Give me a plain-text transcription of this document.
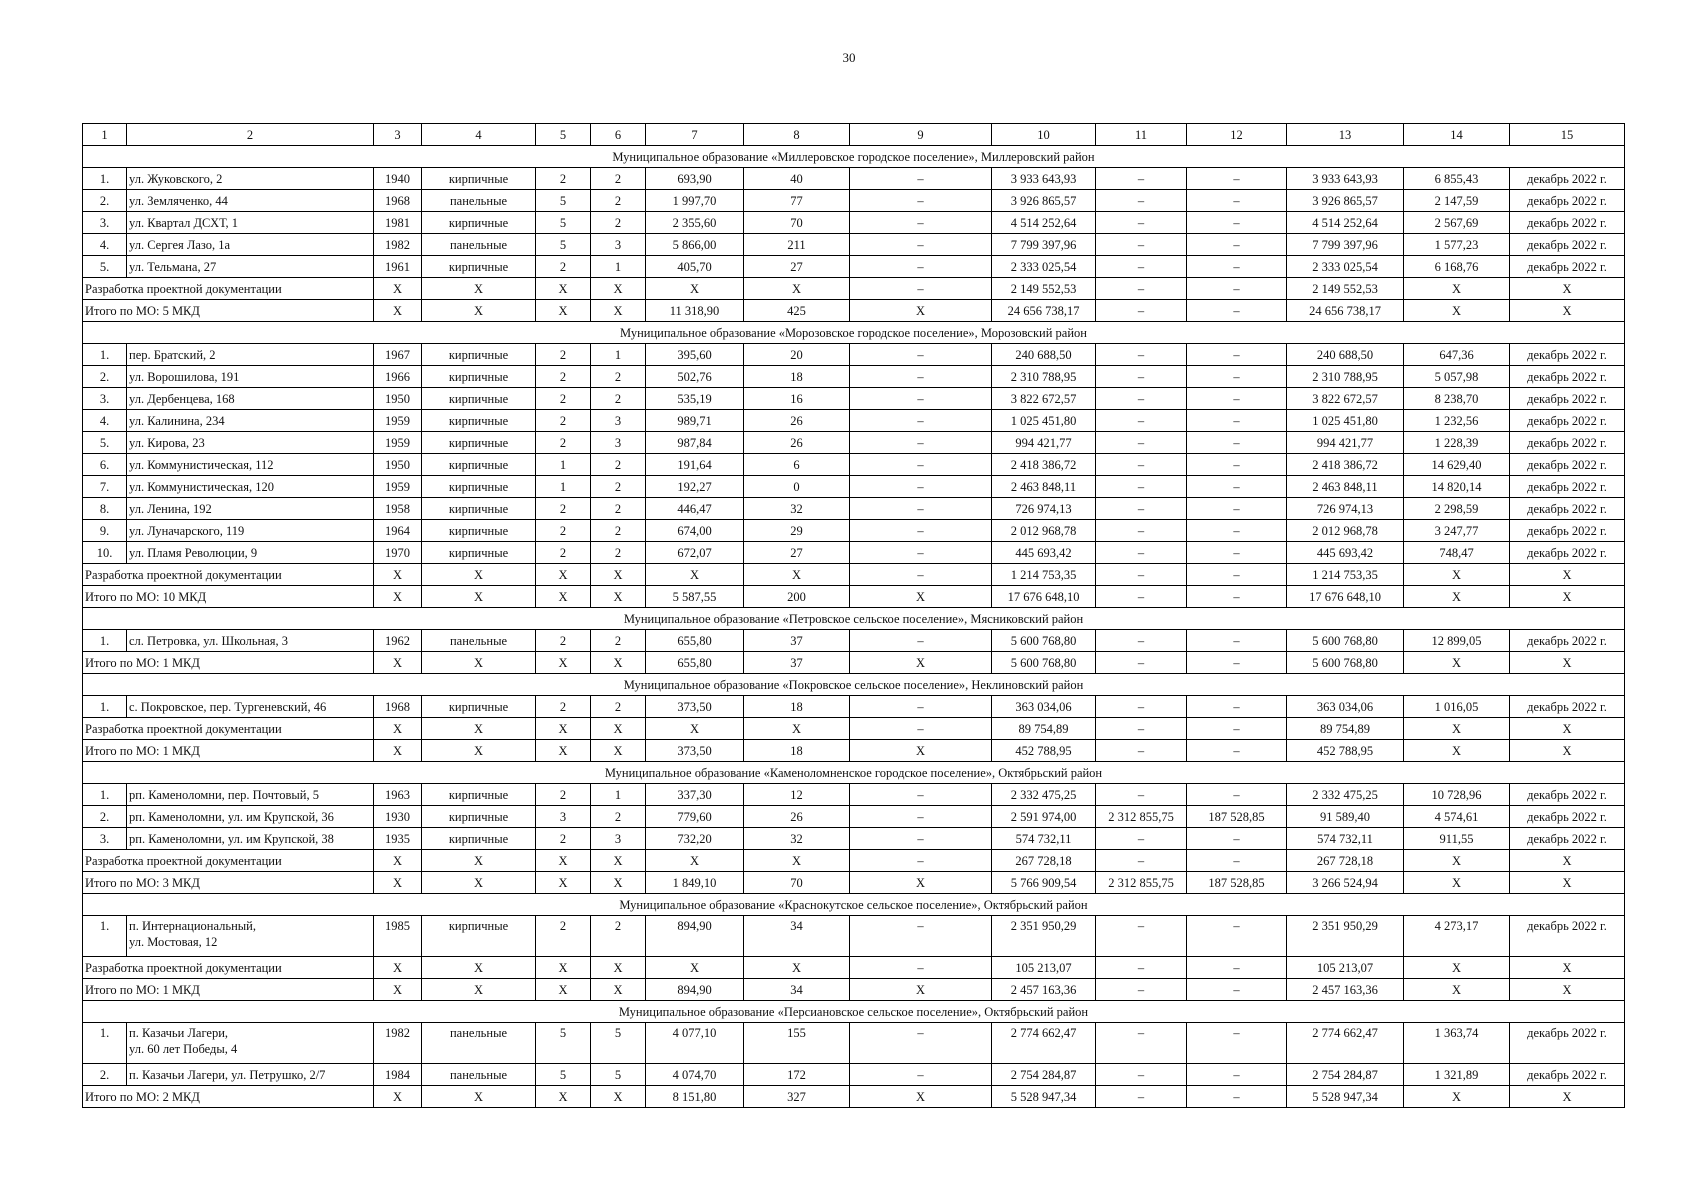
30
1	2	3	4	5	6	7	8	9	10	11	12	13	14	15
Муниципальное образование «Миллеровское городское поселение», Миллеровский район														
1.	ул. Жуковского, 2	1940	кирпичные	2	2	693,90	40	–	3 933 643,93	–	–	3 933 643,93	6 855,43	декабрь 2022 г.
2.	ул. Земляченко, 44	1968	панельные	5	2	1 997,70	77	–	3 926 865,57	–	–	3 926 865,57	2 147,59	декабрь 2022 г.
3.	ул. Квартал ДСХТ, 1	1981	кирпичные	5	2	2 355,60	70	–	4 514 252,64	–	–	4 514 252,64	2 567,69	декабрь 2022 г.
4.	ул. Сергея Лазо, 1а	1982	панельные	5	3	5 866,00	211	–	7 799 397,96	–	–	7 799 397,96	1 577,23	декабрь 2022 г.
5.	ул. Тельмана, 27	1961	кирпичные	2	1	405,70	27	–	2 333 025,54	–	–	2 333 025,54	6 168,76	декабрь 2022 г.
Разработка проектной документации		X	X	X	X	X	X	–	2 149 552,53	–	–	2 149 552,53	X	X
Итого по МО: 5 МКД		X	X	X	X	11 318,90	425	X	24 656 738,17	–	–	24 656 738,17	X	X
Муниципальное образование «Морозовское городское поселение», Морозовский район														
1.	пер. Братский, 2	1967	кирпичные	2	1	395,60	20	–	240 688,50	–	–	240 688,50	647,36	декабрь 2022 г.
2.	ул. Ворошилова, 191	1966	кирпичные	2	2	502,76	18	–	2 310 788,95	–	–	2 310 788,95	5 057,98	декабрь 2022 г.
3.	ул. Дербенцева, 168	1950	кирпичные	2	2	535,19	16	–	3 822 672,57	–	–	3 822 672,57	8 238,70	декабрь 2022 г.
4.	ул. Калинина, 234	1959	кирпичные	2	3	989,71	26	–	1 025 451,80	–	–	1 025 451,80	1 232,56	декабрь 2022 г.
5.	ул. Кирова, 23	1959	кирпичные	2	3	987,84	26	–	994 421,77	–	–	994 421,77	1 228,39	декабрь 2022 г.
6.	ул. Коммунистическая, 112	1950	кирпичные	1	2	191,64	6	–	2 418 386,72	–	–	2 418 386,72	14 629,40	декабрь 2022 г.
7.	ул. Коммунистическая, 120	1959	кирпичные	1	2	192,27	0	–	2 463 848,11	–	–	2 463 848,11	14 820,14	декабрь 2022 г.
8.	ул. Ленина, 192	1958	кирпичные	2	2	446,47	32	–	726 974,13	–	–	726 974,13	2 298,59	декабрь 2022 г.
9.	ул. Луначарского, 119	1964	кирпичные	2	2	674,00	29	–	2 012 968,78	–	–	2 012 968,78	3 247,77	декабрь 2022 г.
10.	ул. Пламя Революции, 9	1970	кирпичные	2	2	672,07	27	–	445 693,42	–	–	445 693,42	748,47	декабрь 2022 г.
Разработка проектной документации		X	X	X	X	X	X	–	1 214 753,35	–	–	1 214 753,35	X	X
Итого по МО: 10 МКД		X	X	X	X	5 587,55	200	X	17 676 648,10	–	–	17 676 648,10	X	X
Муниципальное образование «Петровское сельское поселение», Мясниковский район														
1.	сл. Петровка, ул. Школьная, 3	1962	панельные	2	2	655,80	37	–	5 600 768,80	–	–	5 600 768,80	12 899,05	декабрь 2022 г.
Итого по МО: 1 МКД		X	X	X	X	655,80	37	X	5 600 768,80	–	–	5 600 768,80	X	X
Муниципальное образование «Покровское сельское поселение», Неклиновский район														
1.	с. Покровское, пер. Тургеневский, 46	1968	кирпичные	2	2	373,50	18	–	363 034,06	–	–	363 034,06	1 016,05	декабрь 2022 г.
Разработка проектной документации		X	X	X	X	X	X	–	89 754,89	–	–	89 754,89	X	X
Итого по МО: 1 МКД		X	X	X	X	373,50	18	X	452 788,95	–	–	452 788,95	X	X
Муниципальное образование «Каменоломненское городское поселение», Октябрьский район														
1.	рп. Каменоломни, пер. Почтовый, 5	1963	кирпичные	2	1	337,30	12	–	2 332 475,25	–	–	2 332 475,25	10 728,96	декабрь 2022 г.
2.	рп. Каменоломни, ул. им Крупской, 36	1930	кирпичные	3	2	779,60	26	–	2 591 974,00	2 312 855,75	187 528,85	91 589,40	4 574,61	декабрь 2022 г.
3.	рп. Каменоломни, ул. им Крупской, 38	1935	кирпичные	2	3	732,20	32	–	574 732,11	–	–	574 732,11	911,55	декабрь 2022 г.
Разработка проектной документации		X	X	X	X	X	X	–	267 728,18	–	–	267 728,18	X	X
Итого по МО: 3 МКД		X	X	X	X	1 849,10	70	X	5 766 909,54	2 312 855,75	187 528,85	3 266 524,94	X	X
Муниципальное образование «Краснокутское сельское поселение», Октябрьский район														
1.	п. Интернациональный,
ул. Мостовая, 12	1985	кирпичные	2	2	894,90	34	–	2 351 950,29	–	–	2 351 950,29	4 273,17	декабрь 2022 г.
Разработка проектной документации		X	X	X	X	X	X	–	105 213,07	–	–	105 213,07	X	X
Итого по МО: 1 МКД		X	X	X	X	894,90	34	X	2 457 163,36	–	–	2 457 163,36	X	X
Муниципальное образование «Персиановское сельское поселение», Октябрьский район														
1.	п. Казачьи Лагери,
ул. 60 лет Победы, 4	1982	панельные	5	5	4 077,10	155	–	2 774 662,47	–	–	2 774 662,47	1 363,74	декабрь 2022 г.
2.	п. Казачьи Лагери, ул. Петрушко, 2/7	1984	панельные	5	5	4 074,70	172	–	2 754 284,87	–	–	2 754 284,87	1 321,89	декабрь 2022 г.
Итого по МО: 2 МКД		X	X	X	X	8 151,80	327	X	5 528 947,34	–	–	5 528 947,34	X	X
